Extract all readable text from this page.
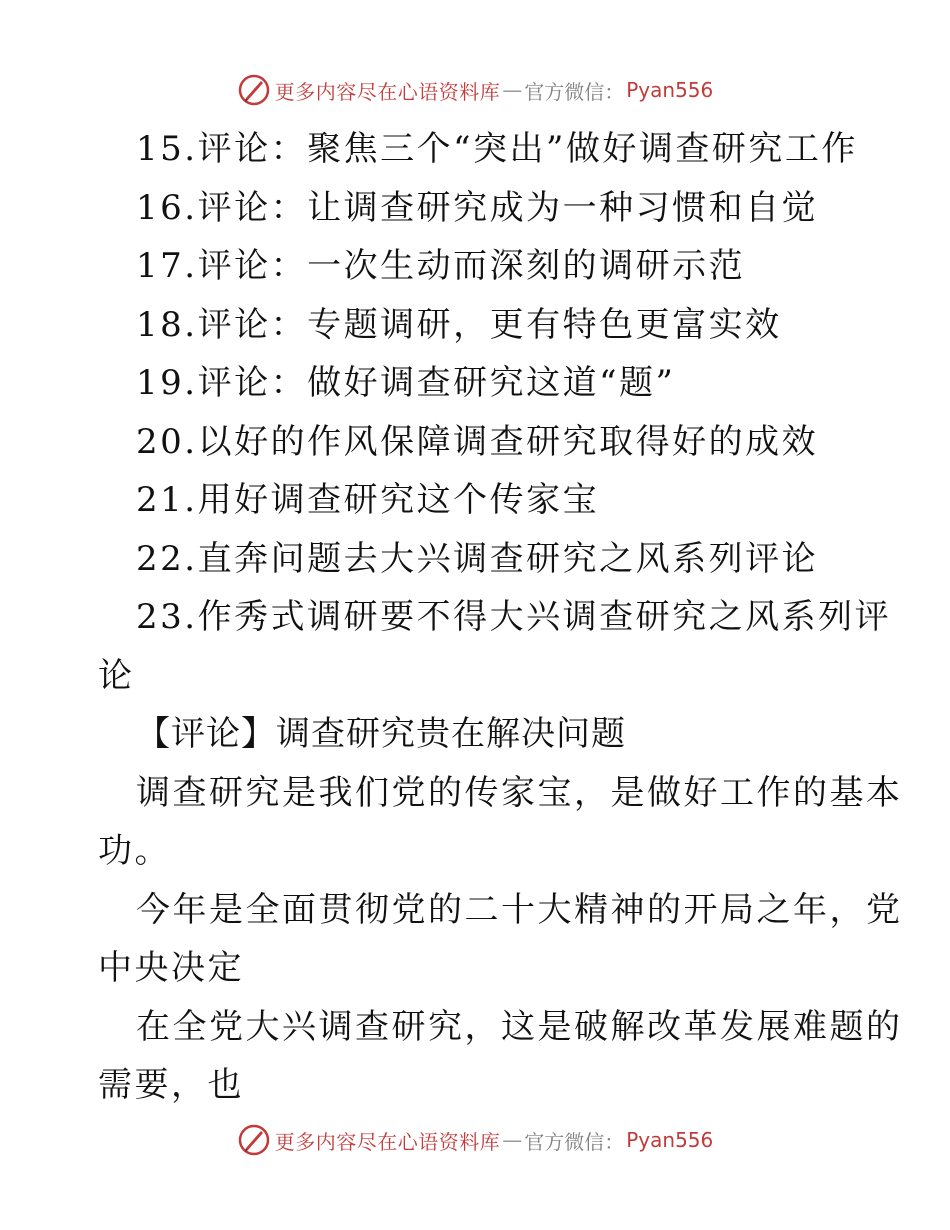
更多内容尽在心语资料库 — 官方微信： Pyan556
15.评论：聚焦三个“突出”做好调查研究工作
16.评论：让调查研究成为一种习惯和自觉
17.评论：一次生动而深刻的调研示范
18.评论：专题调研，更有特色更富实效
19.评论：做好调查研究这道“题”
20.以好的作风保障调查研究取得好的成效
21.用好调查研究这个传家宝
22.直奔问题去大兴调查研究之风系列评论
23.作秀式调研要不得大兴调查研究之风系列评
论
【评论】调查研究贵在解决问题
调查研究是我们党的传家宝，是做好工作的基本
功。
今年是全面贯彻党的二十大精神的开局之年，党
中央决定
在全党大兴调查研究，这是破解改革发展难题的
需要，也
更多内容尽在心语资料库 — 官方微信： Pyan556
